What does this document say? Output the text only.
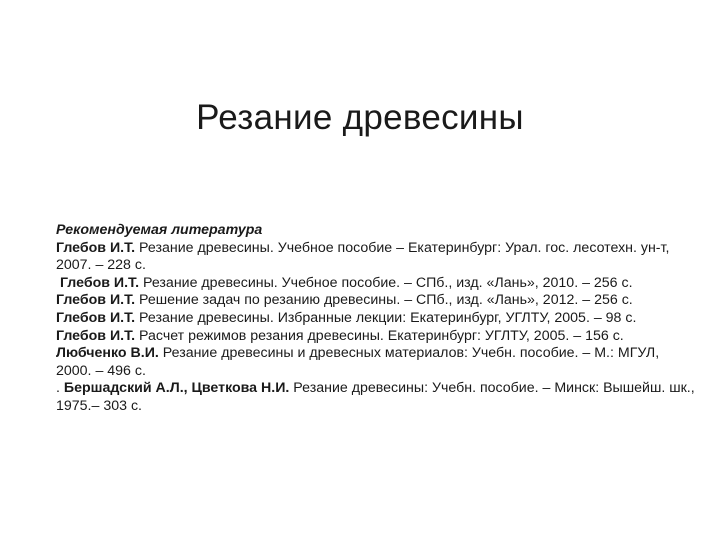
Резание древесины
Рекомендуемая литература
Глебов И.Т. Резание древесины. Учебное пособие – Екатеринбург: Урал. гос. лесотехн. ун-т, 2007. – 228 с.
Глебов И.Т. Резание древесины. Учебное пособие. – СПб., изд. «Лань», 2010. – 256 с.
Глебов И.Т. Решение задач по резанию древесины. – СПб., изд. «Лань», 2012. – 256 с.
Глебов И.Т. Резание древесины. Избранные лекции: Екатеринбург, УГЛТУ, 2005. – 98 с.
Глебов И.Т. Расчет режимов резания древесины. Екатеринбург: УГЛТУ, 2005. – 156 с.
Любченко В.И. Резание древесины и древесных материалов: Учебн. пособие. – М.: МГУЛ, 2000. – 496 с.
. Бершадский А.Л., Цветкова Н.И. Резание древесины: Учебн. пособие. – Минск: Вышейш. шк., 1975.– 303 с.
